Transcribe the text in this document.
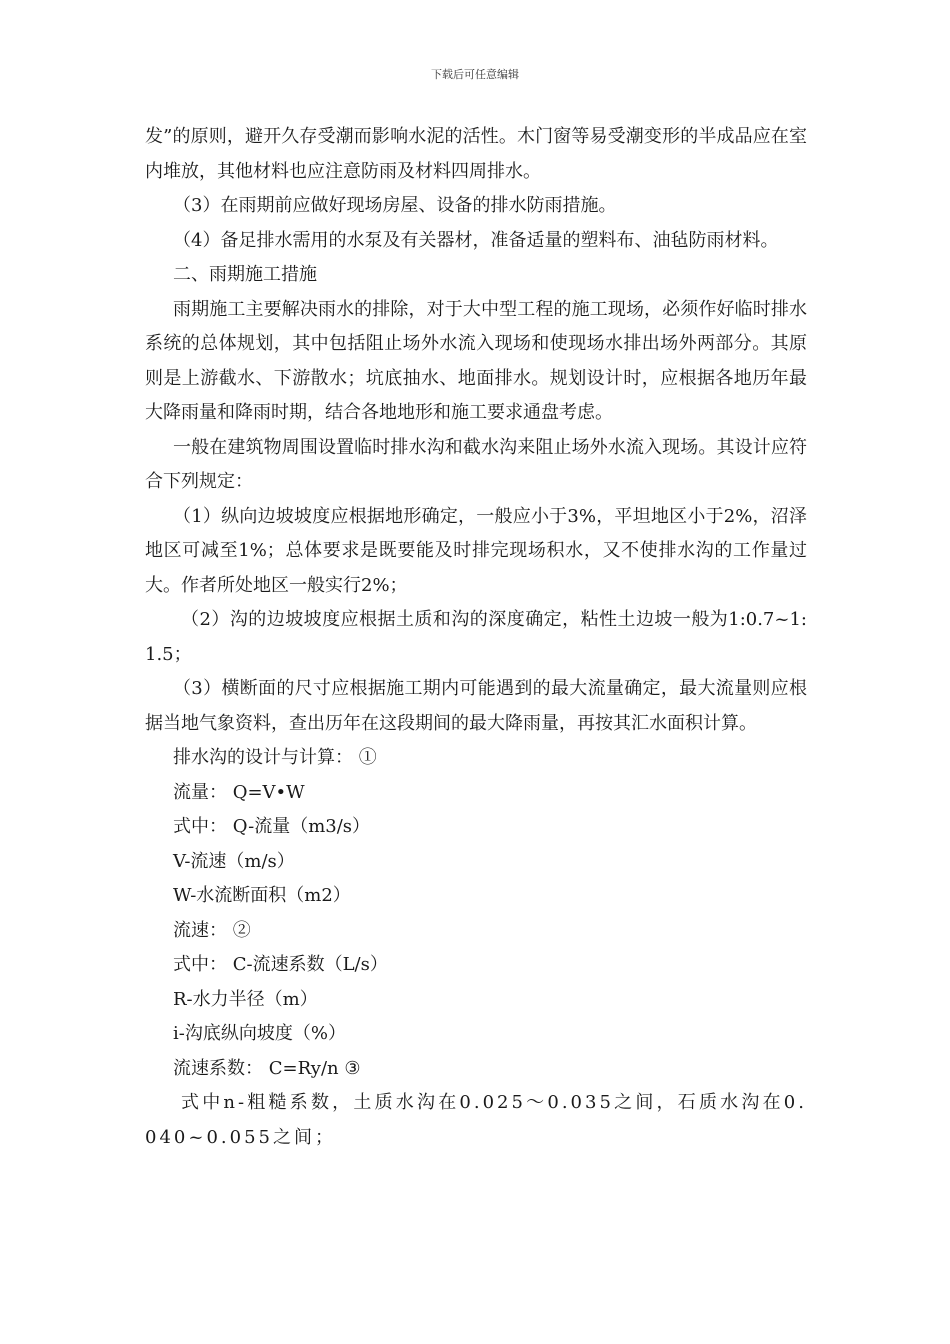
下载后可任意编辑

发”的原则，避开久存受潮而影响水泥的活性。木门窗等易受潮变形的半成品应在室内堆放，其他材料也应注意防雨及材料四周排水。

（3）在雨期前应做好现场房屋、设备的排水防雨措施。

（4）备足排水需用的水泵及有关器材，准备适量的塑料布、油毡防雨材料。

二、雨期施工措施

雨期施工主要解决雨水的排除，对于大中型工程的施工现场，必须作好临时排水系统的总体规划，其中包括阻止场外水流入现场和使现场水排出场外两部分。其原则是上游截水、下游散水；坑底抽水、地面排水。规划设计时，应根据各地历年最大降雨量和降雨时期，结合各地地形和施工要求通盘考虑。

一般在建筑物周围设置临时排水沟和截水沟来阻止场外水流入现场。其设计应符合下列规定：

（1）纵向边坡坡度应根据地形确定，一般应小于3%，平坦地区小于2%，沼泽地区可减至1%；总体要求是既要能及时排完现场积水，又不使排水沟的工作量过大。作者所处地区一般实行2%；

（2）沟的边坡坡度应根据土质和沟的深度确定，粘性土边坡一般为1:0.7~1:1.5；

（3）横断面的尺寸应根据施工期内可能遇到的最大流量确定，最大流量则应根据当地气象资料，查出历年在这段期间的最大降雨量，再按其汇水面积计算。

排水沟的设计与计算： ①

流量： Q=V•W

式中： Q-流量（m3/s）

V-流速（m/s）

W-水流断面积（m2）

流速： ②

式中： C-流速系数（L/s）

R-水力半径（m）

i-沟底纵向坡度（%）

流速系数： C=Ry/n ③

式中n-粗糙系数，土质水沟在0.025～0.035之间，石质水沟在0.040~0.055之间；
